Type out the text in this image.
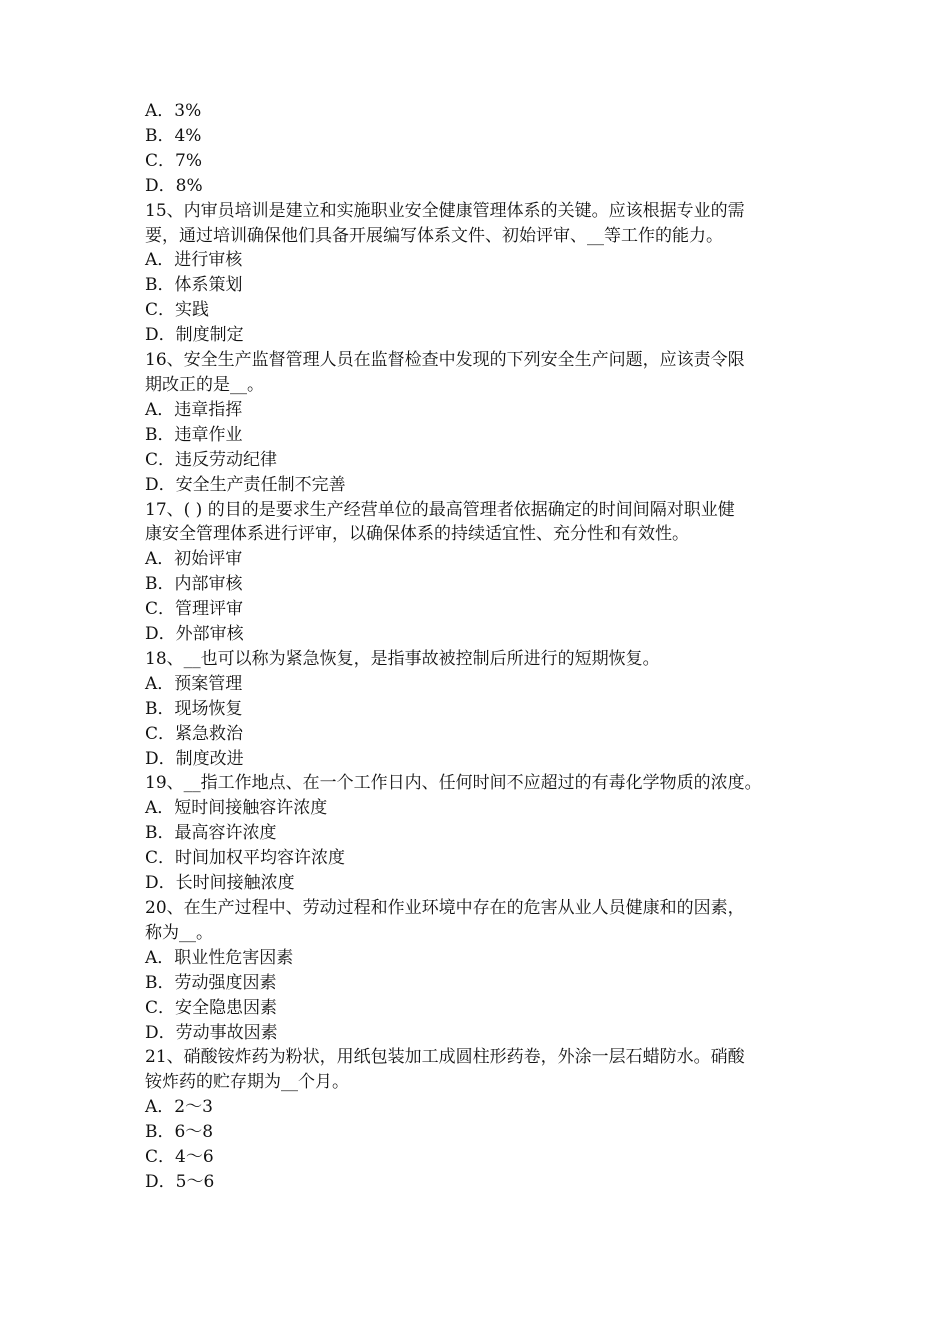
A．3%
B．4%
C．7%
D．8%
15、内审员培训是建立和实施职业安全健康管理体系的关键。应该根据专业的需
要，通过培训确保他们具备开展编写体系文件、初始评审、__等工作的能力。
A．进行审核
B．体系策划
C．实践
D．制度制定
16、安全生产监督管理人员在监督检查中发现的下列安全生产问题，应该责令限
期改正的是__。
A．违章指挥
B．违章作业
C．违反劳动纪律
D．安全生产责任制不完善
17、( ) 的目的是要求生产经营单位的最高管理者依据确定的时间间隔对职业健
康安全管理体系进行评审，以确保体系的持续适宜性、充分性和有效性。
A．初始评审
B．内部审核
C．管理评审
D．外部审核
18、__也可以称为紧急恢复，是指事故被控制后所进行的短期恢复。
A．预案管理
B．现场恢复
C．紧急救治
D．制度改进
19、__指工作地点、在一个工作日内、任何时间不应超过的有毒化学物质的浓度。
A．短时间接触容许浓度
B．最高容许浓度
C．时间加权平均容许浓度
D．长时间接触浓度
20、在生产过程中、劳动过程和作业环境中存在的危害从业人员健康和的因素，
称为__。
A．职业性危害因素
B．劳动强度因素
C．安全隐患因素
D．劳动事故因素
21、硝酸铵炸药为粉状，用纸包装加工成圆柱形药卷，外涂一层石蜡防水。硝酸
铵炸药的贮存期为__个月。
A．2～3
B．6～8
C．4～6
D．5～6
